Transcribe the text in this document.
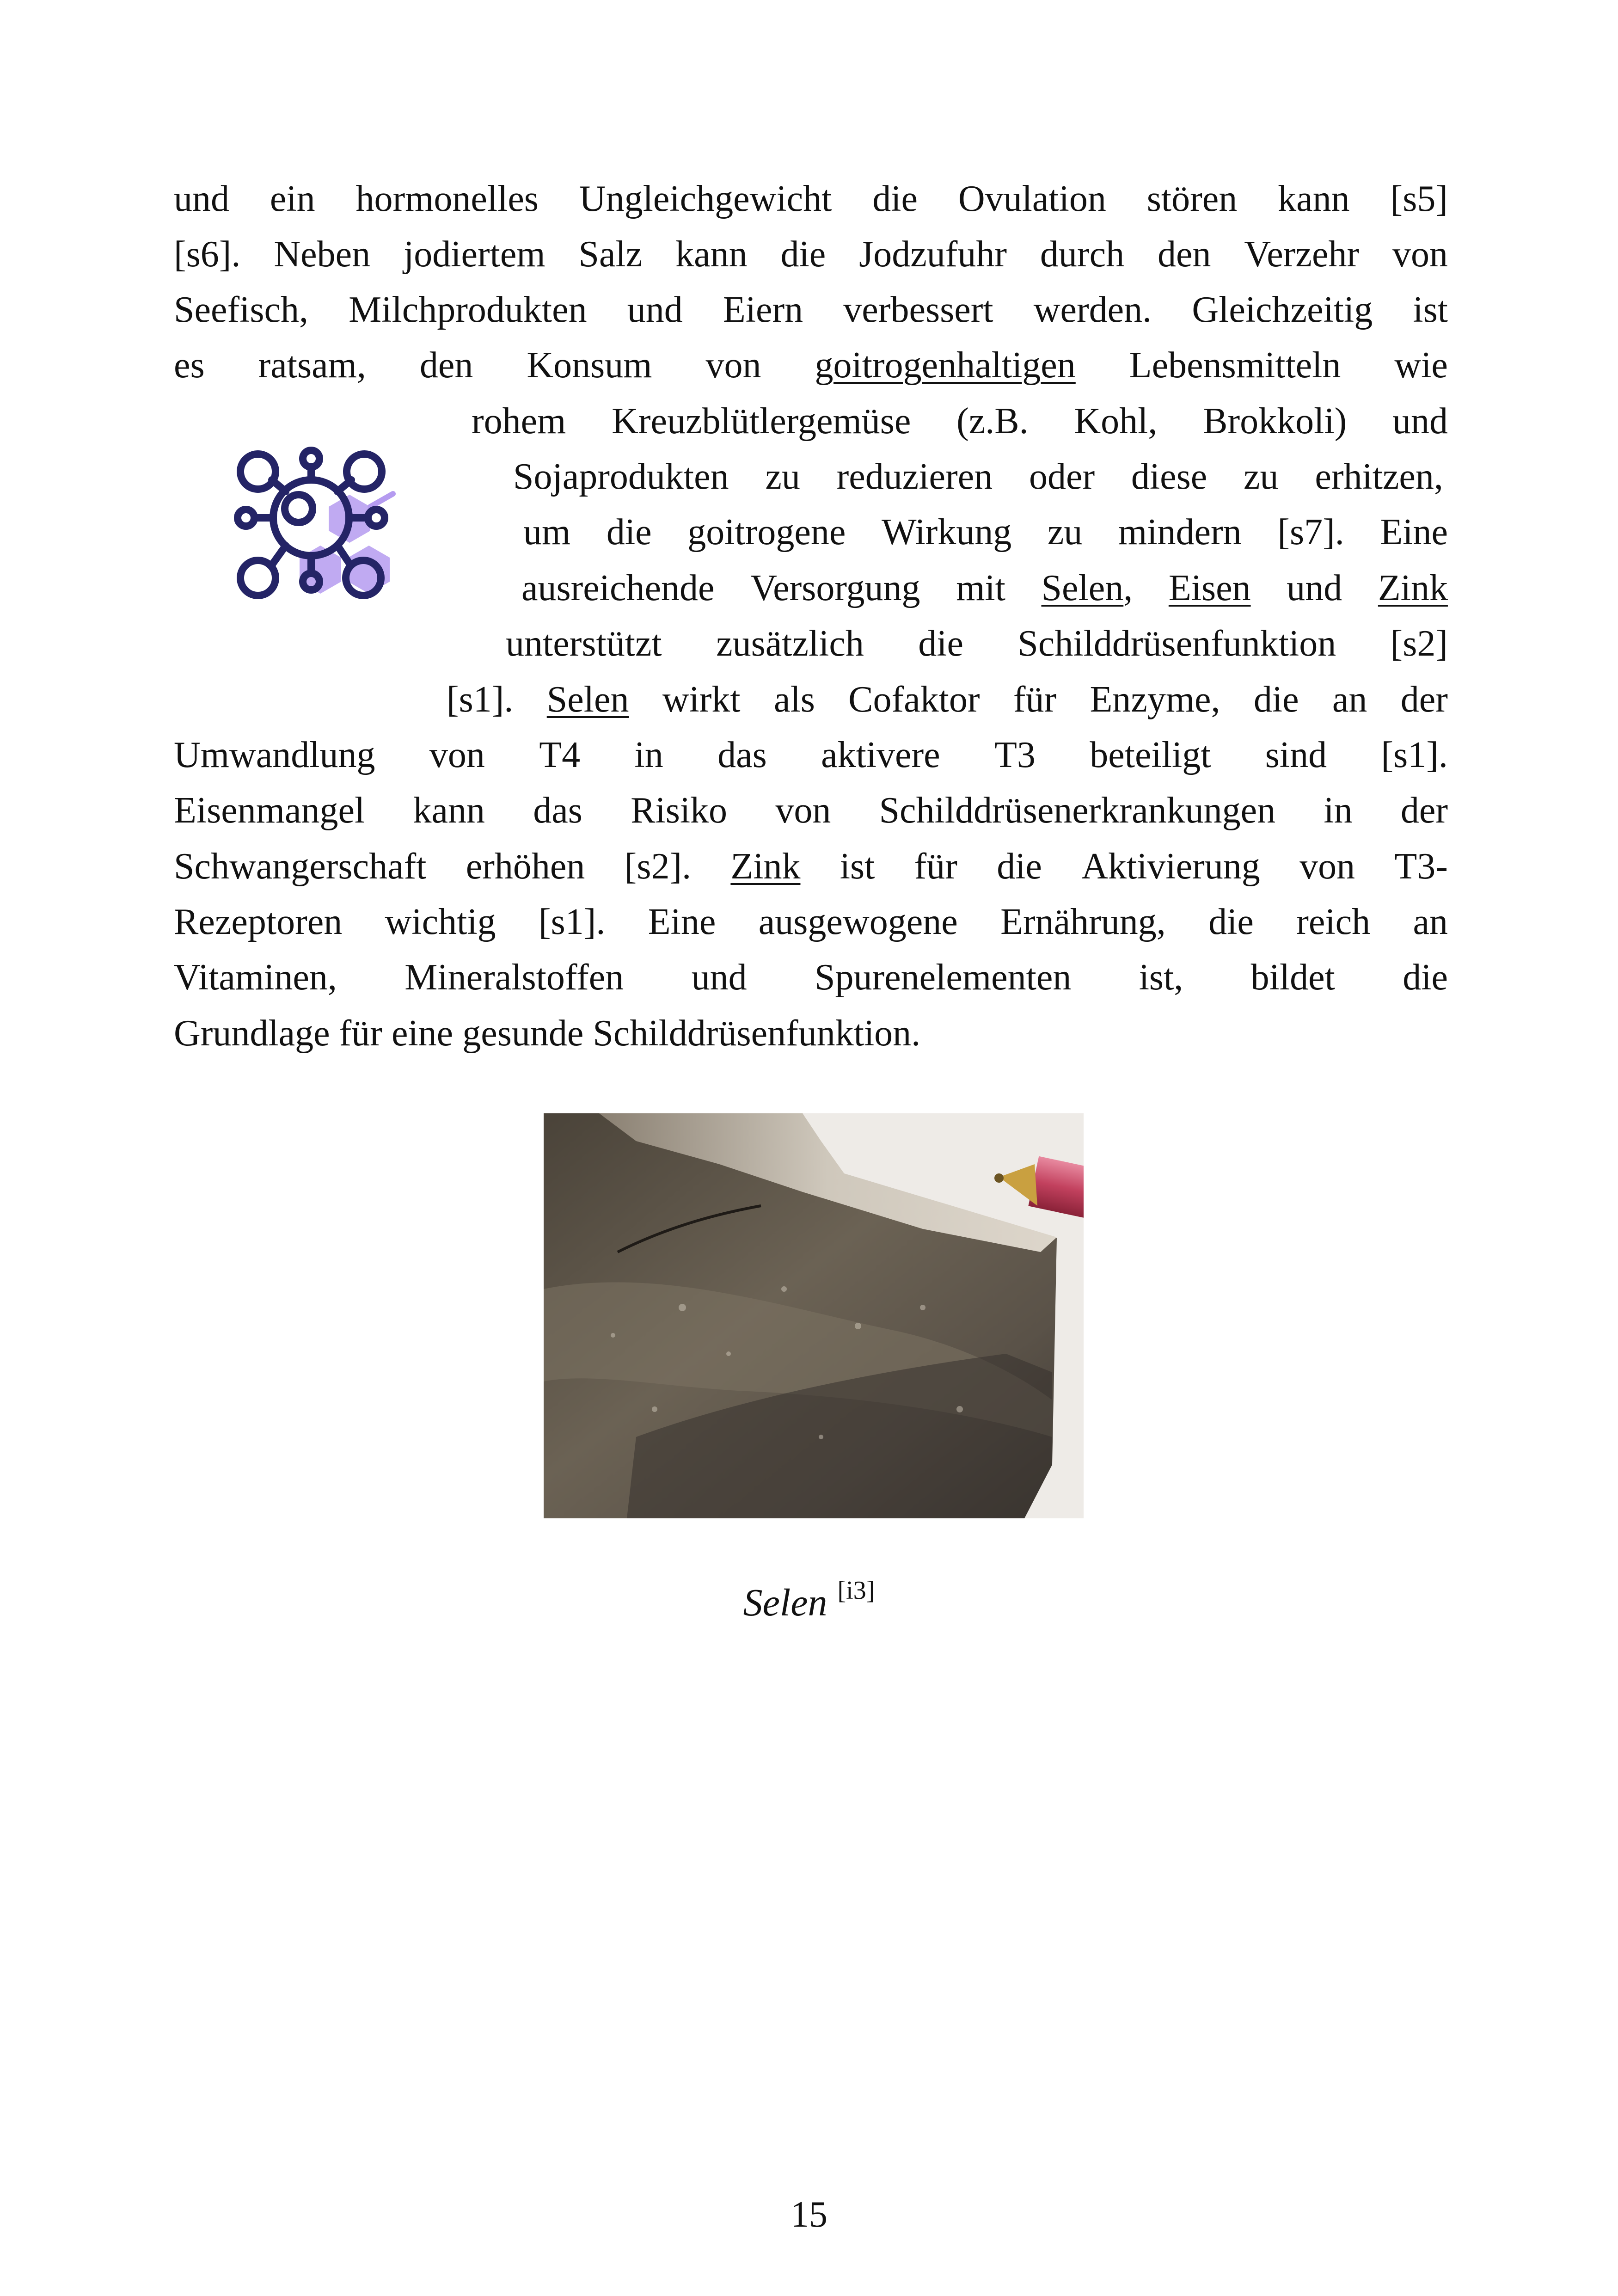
und ein hormonelles Ungleichgewicht die Ovulation stören kann [s5]
[s6]. Neben jodiertem Salz kann die Jodzufuhr durch den Verzehr von
Seefisch, Milchprodukten und Eiern verbessert werden. Gleichzeitig ist
es ratsam, den Konsum von goitrogenhaltigen Lebensmitteln wie
rohem Kreuzblütlergemüse (z.B. Kohl, Brokkoli) und
Sojaprodukten zu reduzieren oder diese zu erhitzen,
um die goitrogene Wirkung zu mindern [s7]. Eine
ausreichende Versorgung mit Selen, Eisen und Zink
unterstützt zusätzlich die Schilddrüsenfunktion [s2]
[s1]. Selen wirkt als Cofaktor für Enzyme, die an der
Umwandlung von T4 in das aktivere T3 beteiligt sind [s1].
Eisenmangel kann das Risiko von Schilddrüsenerkrankungen in der
Schwangerschaft erhöhen [s2]. Zink ist für die Aktivierung von T3-
Rezeptoren wichtig [s1]. Eine ausgewogene Ernährung, die reich an
Vitaminen, Mineralstoffen und Spurenelementen ist, bildet die
Grundlage für eine gesunde Schilddrüsenfunktion.
Selen [i3]
15
